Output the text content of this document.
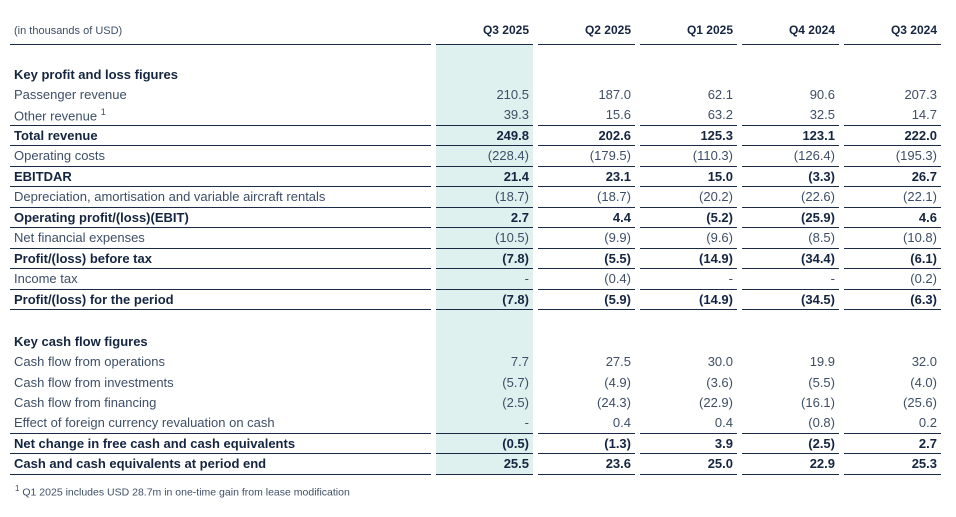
(in thousands of USD)	Q3 2025	Q2 2025	Q1 2025	Q4 2024	Q3 2024

Key profit and loss figures					
Passenger revenue	210.5	187.0	62.1	90.6	207.3
Other revenue $^1$	39.3	15.6	63.2	32.5	14.7
Total revenue	249.8	202.6	125.3	123.1	222.0
Operating costs	(228.4)	(179.5)	(110.3)	(126.4)	(195.3)
EBITDAR	21.4	23.1	15.0	(3.3)	26.7
Depreciation, amortisation and variable aircraft rentals	(18.7)	(18.7)	(20.2)	(22.6)	(22.1)
Operating profit/(loss)(EBIT)	2.7	4.4	(5.2)	(25.9)	4.6
Net financial expenses	(10.5)	(9.9)	(9.6)	(8.5)	(10.8)
Profit/(loss) before tax	(7.8)	(5.5)	(14.9)	(34.4)	(6.1)
Income tax	-	(0.4)	-	-	(0.2)
Profit/(loss) for the period	(7.8)	(5.9)	(14.9)	(34.5)	(6.3)

Key cash flow figures					
Cash flow from operations	7.7	27.5	30.0	19.9	32.0
Cash flow from investments	(5.7)	(4.9)	(3.6)	(5.5)	(4.0)
Cash flow from financing	(2.5)	(24.3)	(22.9)	(16.1)	(25.6)
Effect of foreign currency revaluation on cash	-	0.4	0.4	(0.8)	0.2
Net change in free cash and cash equivalents	(0.5)	(1.3)	3.9	(2.5)	2.7
Cash and cash equivalents at period end	25.5	23.6	25.0	22.9	25.3
$^1$ Q1 2025 includes USD 28.7m in one-time gain from lease modification
